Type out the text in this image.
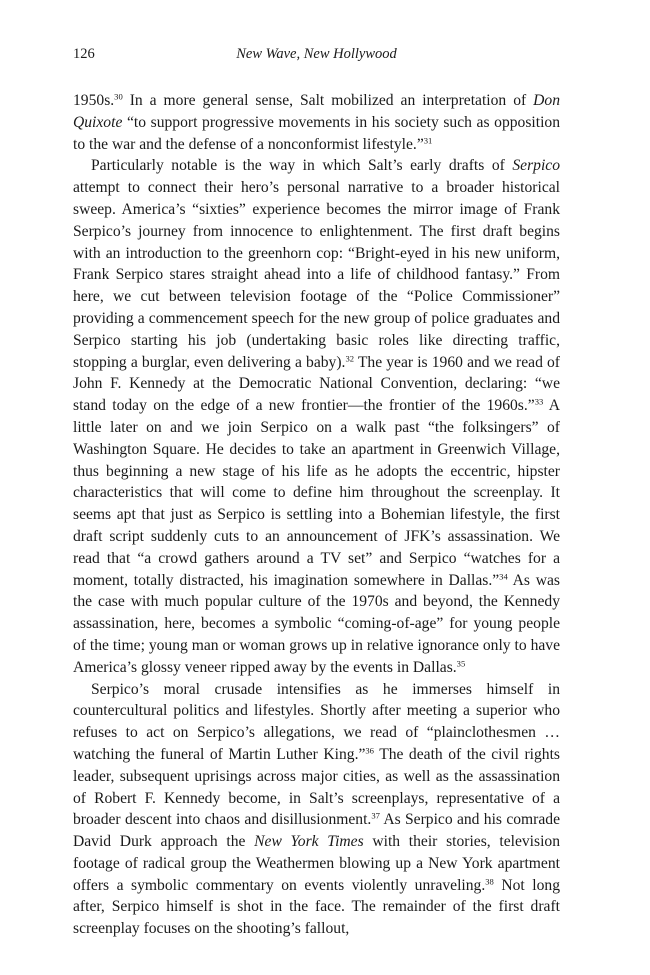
126	New Wave, New Hollywood

1950s.$^{30}$ In a more general sense, Salt mobilized an interpretation of Don Quixote “to support progressive movements in his society such as opposition to the war and the defense of a nonconformist lifestyle.”$^{31}$

Particularly notable is the way in which Salt’s early drafts of Serpico attempt to connect their hero’s personal narrative to a broader historical sweep. America’s “sixties” experience becomes the mirror image of Frank Serpico’s journey from innocence to enlightenment. The first draft begins with an introduction to the greenhorn cop: “Bright-eyed in his new uniform, Frank Serpico stares straight ahead into a life of childhood fantasy.” From here, we cut between television footage of the “Police Commissioner” providing a commencement speech for the new group of police graduates and Serpico starting his job (undertaking basic roles like directing traffic, stopping a burglar, even delivering a baby).$^{32}$ The year is 1960 and we read of John F. Kennedy at the Democratic National Convention, declaring: “we stand today on the edge of a new frontier—the frontier of the 1960s.”$^{33}$ A little later on and we join Serpico on a walk past “the folksingers” of Washington Square. He decides to take an apartment in Greenwich Village, thus beginning a new stage of his life as he adopts the eccentric, hipster characteristics that will come to define him throughout the screenplay. It seems apt that just as Serpico is settling into a Bohemian lifestyle, the first draft script suddenly cuts to an announcement of JFK’s assassination. We read that “a crowd gathers around a TV set” and Serpico “watches for a moment, totally distracted, his imagination somewhere in Dallas.”$^{34}$ As was the case with much popular culture of the 1970s and beyond, the Kennedy assassination, here, becomes a symbolic “coming-of-age” for young people of the time; young man or woman grows up in relative ignorance only to have America’s glossy veneer ripped away by the events in Dallas.$^{35}$

Serpico’s moral crusade intensifies as he immerses himself in countercultural politics and lifestyles. Shortly after meeting a superior who refuses to act on Serpico’s allegations, we read of “plainclothesmen … watching the funeral of Martin Luther King.”$^{36}$ The death of the civil rights leader, subsequent uprisings across major cities, as well as the assassination of Robert F. Kennedy become, in Salt’s screenplays, representative of a broader descent into chaos and disillusionment.$^{37}$ As Serpico and his comrade David Durk approach the New York Times with their stories, television footage of radical group the Weathermen blowing up a New York apartment offers a symbolic commentary on events violently unraveling.$^{38}$ Not long after, Serpico himself is shot in the face. The remainder of the first draft screenplay focuses on the shooting’s fallout,
